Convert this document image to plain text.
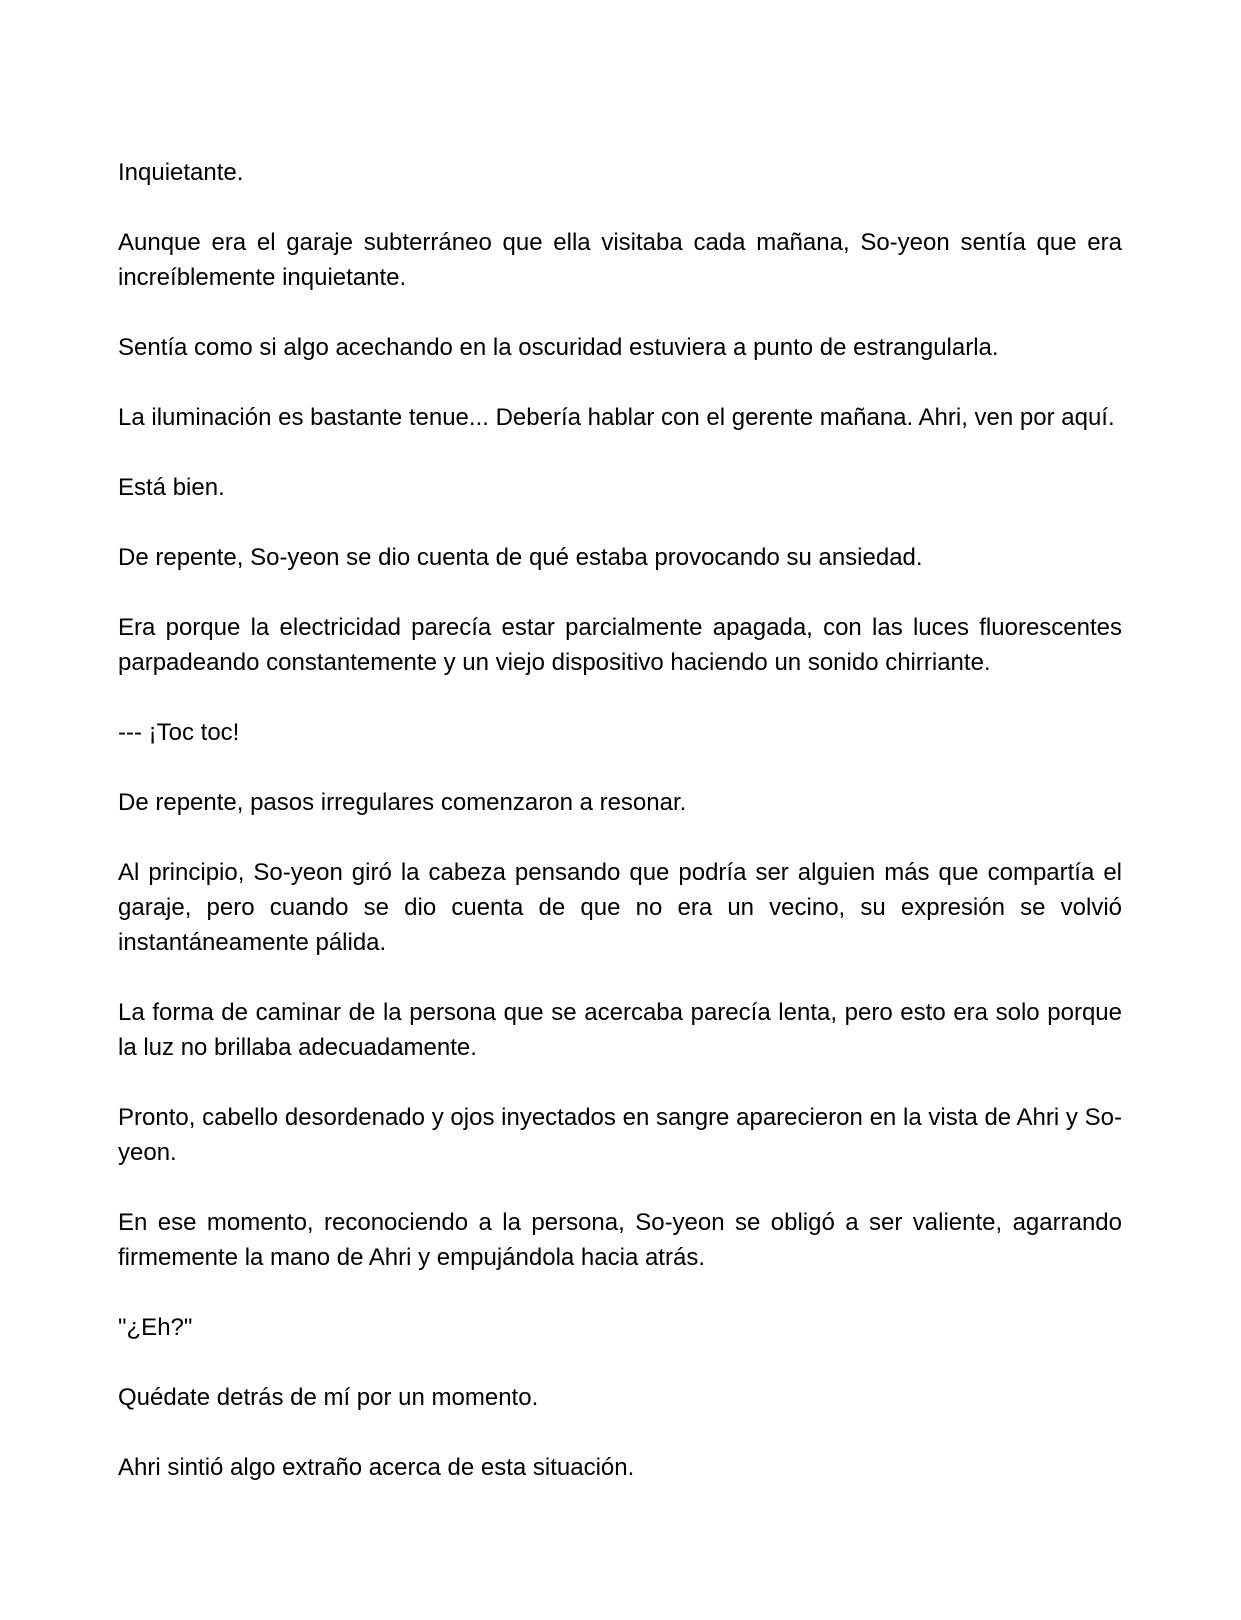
Inquietante.

Aunque era el garaje subterráneo que ella visitaba cada mañana, So-yeon sentía que era increíblemente inquietante.

Sentía como si algo acechando en la oscuridad estuviera a punto de estrangularla.

La iluminación es bastante tenue... Debería hablar con el gerente mañana. Ahri, ven por aquí.

Está bien.

De repente, So-yeon se dio cuenta de qué estaba provocando su ansiedad.

Era porque la electricidad parecía estar parcialmente apagada, con las luces fluorescentes parpadeando constantemente y un viejo dispositivo haciendo un sonido chirriante.

--- ¡Toc toc!

De repente, pasos irregulares comenzaron a resonar.

Al principio, So-yeon giró la cabeza pensando que podría ser alguien más que compartía el garaje, pero cuando se dio cuenta de que no era un vecino, su expresión se volvió instantáneamente pálida.

La forma de caminar de la persona que se acercaba parecía lenta, pero esto era solo porque la luz no brillaba adecuadamente.

Pronto, cabello desordenado y ojos inyectados en sangre aparecieron en la vista de Ahri y So-yeon.

En ese momento, reconociendo a la persona, So-yeon se obligó a ser valiente, agarrando firmemente la mano de Ahri y empujándola hacia atrás.

"¿Eh?"

Quédate detrás de mí por un momento.

Ahri sintió algo extraño acerca de esta situación.
